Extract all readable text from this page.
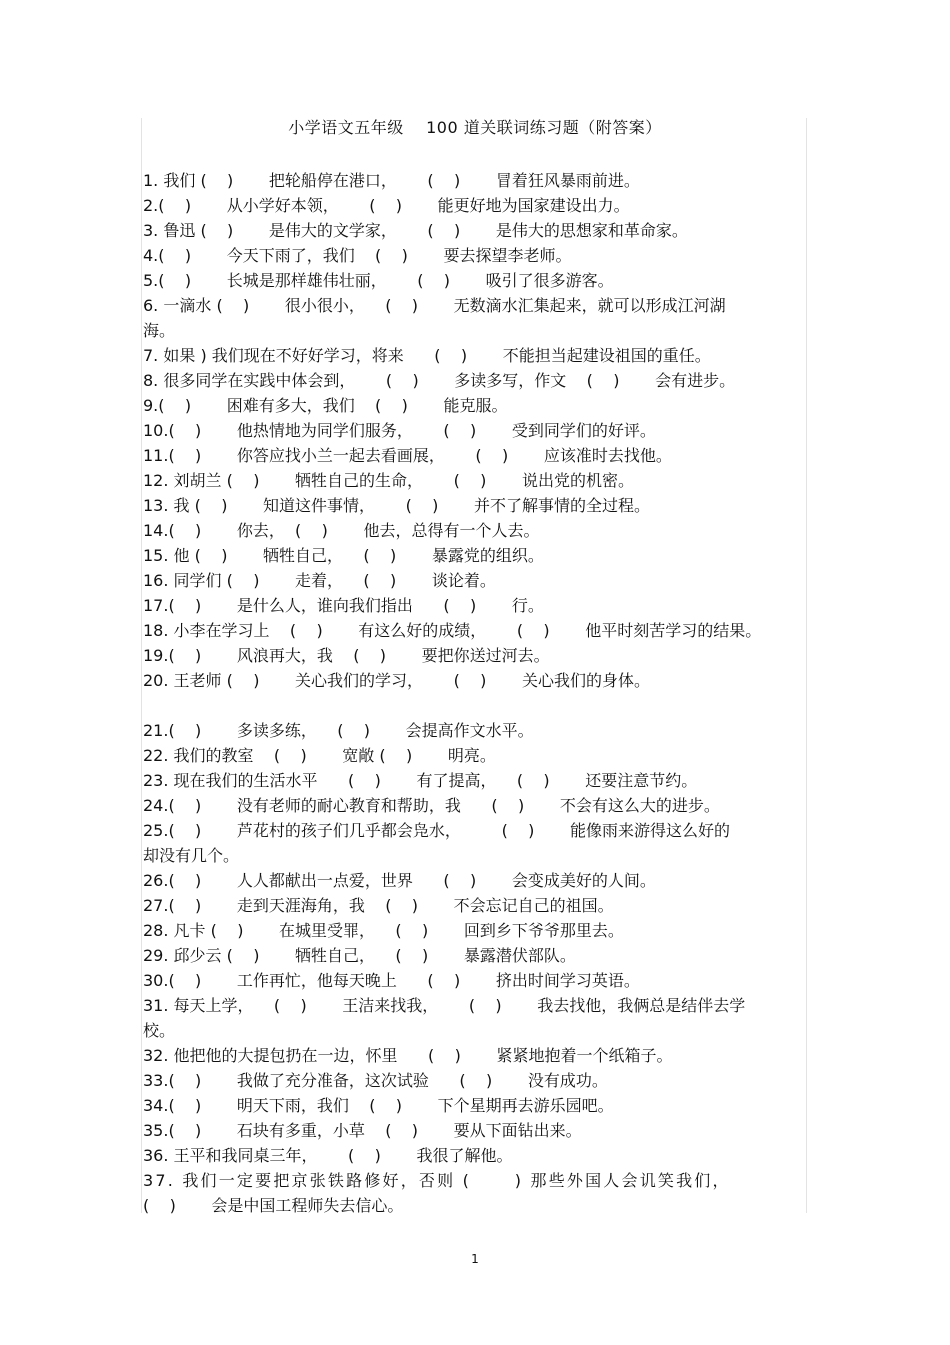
小学语文五年级    100 道关联词练习题（附答案）
1. 我们 (    )       把轮船停在港口，      (    )       冒着狂风暴雨前进。
2.(    )       从小学好本领，      (    )       能更好地为国家建设出力。
3. 鲁迅 (    )       是伟大的文学家，      (    )       是伟大的思想家和革命家。
4.(    )       今天下雨了，我们    (    )       要去探望李老师。
5.(    )       长城是那样雄伟壮丽，      (    )       吸引了很多游客。
6. 一滴水 (    )       很小很小，    (    )       无数滴水汇集起来，就可以形成江河湖
海。
7. 如果 ) 我们现在不好好学习，将来      (    )       不能担当起建设祖国的重任。
8. 很多同学在实践中体会到，      (    )       多读多写，作文    (    )       会有进步。
9.(    )       困难有多大，我们    (    )       能克服。
10.(    )       他热情地为同学们服务，      (    )       受到同学们的好评。
11.(    )       你答应找小兰一起去看画展，      (    )       应该准时去找他。
12. 刘胡兰 (    )       牺牲自己的生命，      (    )       说出党的机密。
13. 我 (    )       知道这件事情，      (    )       并不了解事情的全过程。
14.(    )       你去，  (    )       他去，总得有一个人去。
15. 他 (    )       牺牲自己，    (    )       暴露党的组织。
16. 同学们 (    )       走着，    (    )       谈论着。
17.(    )       是什么人，谁向我们指出      (    )       行。
18. 小李在学习上    (    )       有这么好的成绩，      (    )       他平时刻苦学习的结果。
19.(    )       风浪再大，我    (    )       要把你送过河去。
20. 王老师 (    )       关心我们的学习，      (    )       关心我们的身体。
21.(    )       多读多练，    (    )       会提高作文水平。
22. 我们的教室    (    )       宽敞 (    )       明亮。
23. 现在我们的生活水平      (    )       有了提高，    (    )       还要注意节约。
24.(    )       没有老师的耐心教育和帮助，我      (    )       不会有这么大的进步。
25.(    )       芦花村的孩子们几乎都会凫水，        (    )       能像雨来游得这么好的
却没有几个。
26.(    )       人人都献出一点爱，世界      (    )       会变成美好的人间。
27.(    )       走到天涯海角，我    (    )       不会忘记自己的祖国。
28. 凡卡 (    )       在城里受罪，    (    )       回到乡下爷爷那里去。
29. 邱少云 (    )       牺牲自己，    (    )       暴露潜伏部队。
30.(    )       工作再忙，他每天晚上      (    )       挤出时间学习英语。
31. 每天上学，    (    )       王洁来找我，      (    )       我去找他，我俩总是结伴去学
校。
32. 他把他的大提包扔在一边，怀里      (    )       紧紧地抱着一个纸箱子。
33.(    )       我做了充分准备，这次试验      (    )       没有成功。
34.(    )       明天下雨，我们    (    )       下个星期再去游乐园吧。
35.(    )       石块有多重，小草    (    )       要从下面钻出来。
36. 王平和我同桌三年，      (    )       我很了解他。
37. 我们一定要把京张铁路修好，否则 (      ) 那些外国人会讥笑我们，
(    )       会是中国工程师失去信心。
1
